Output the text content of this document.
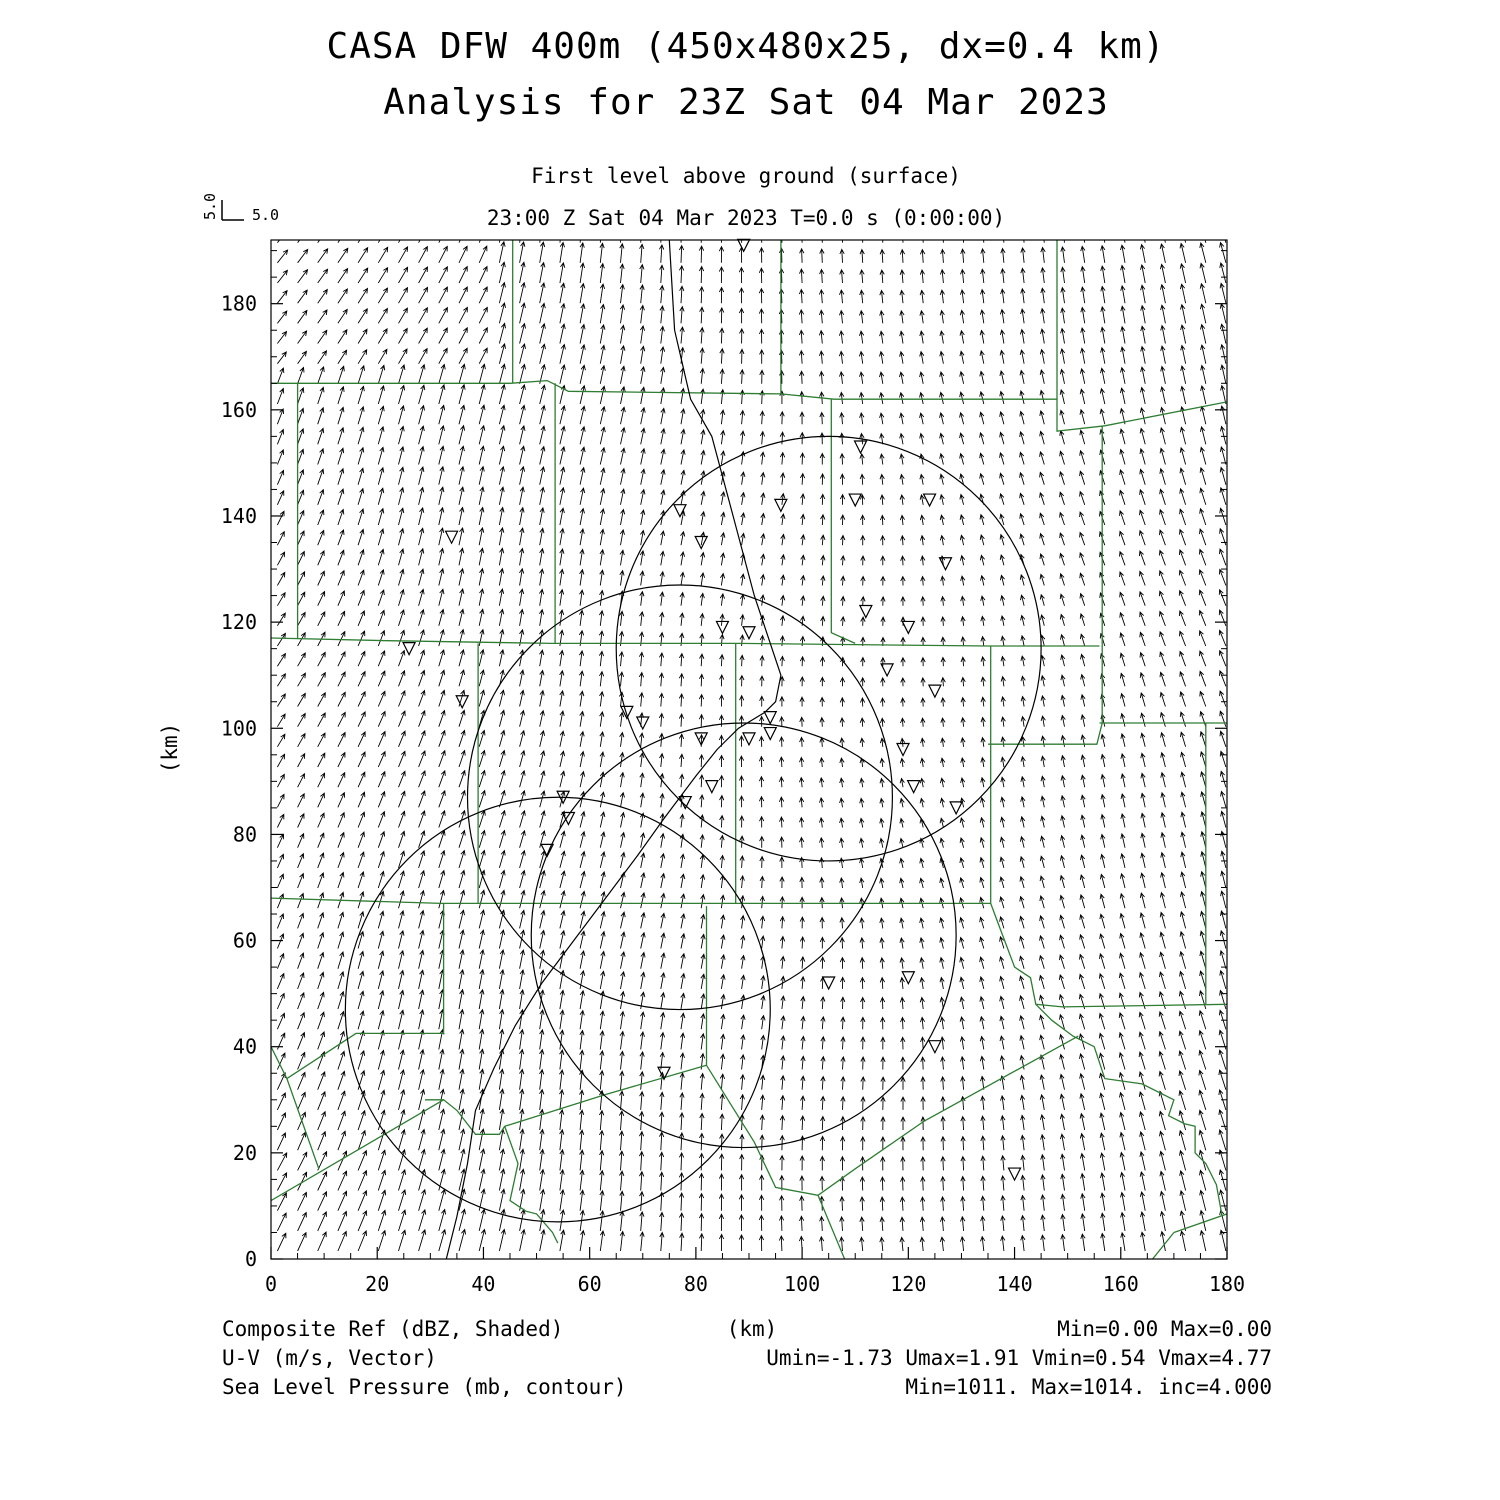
CASA DFW 400m (450x480x25, dx=0.4 km)
Analysis for 23Z Sat 04 Mar 2023
First level above ground (surface)
23:00 Z Sat 04 Mar 2023 T=0.0 s (0:00:00)
5.0 5.0
0	20	40	60	80	100	120	140	160	180
0
20
40
60
80
100
120
140
160
180
(km)
(km)
Composite Ref (dBZ, Shaded)	Min=0.00 Max=0.00
U-V (m/s, Vector)	Umin=-1.73 Umax=1.91 Vmin=0.54 Vmax=4.77
Sea Level Pressure (mb, contour)	Min=1011. Max=1014. inc=4.000
